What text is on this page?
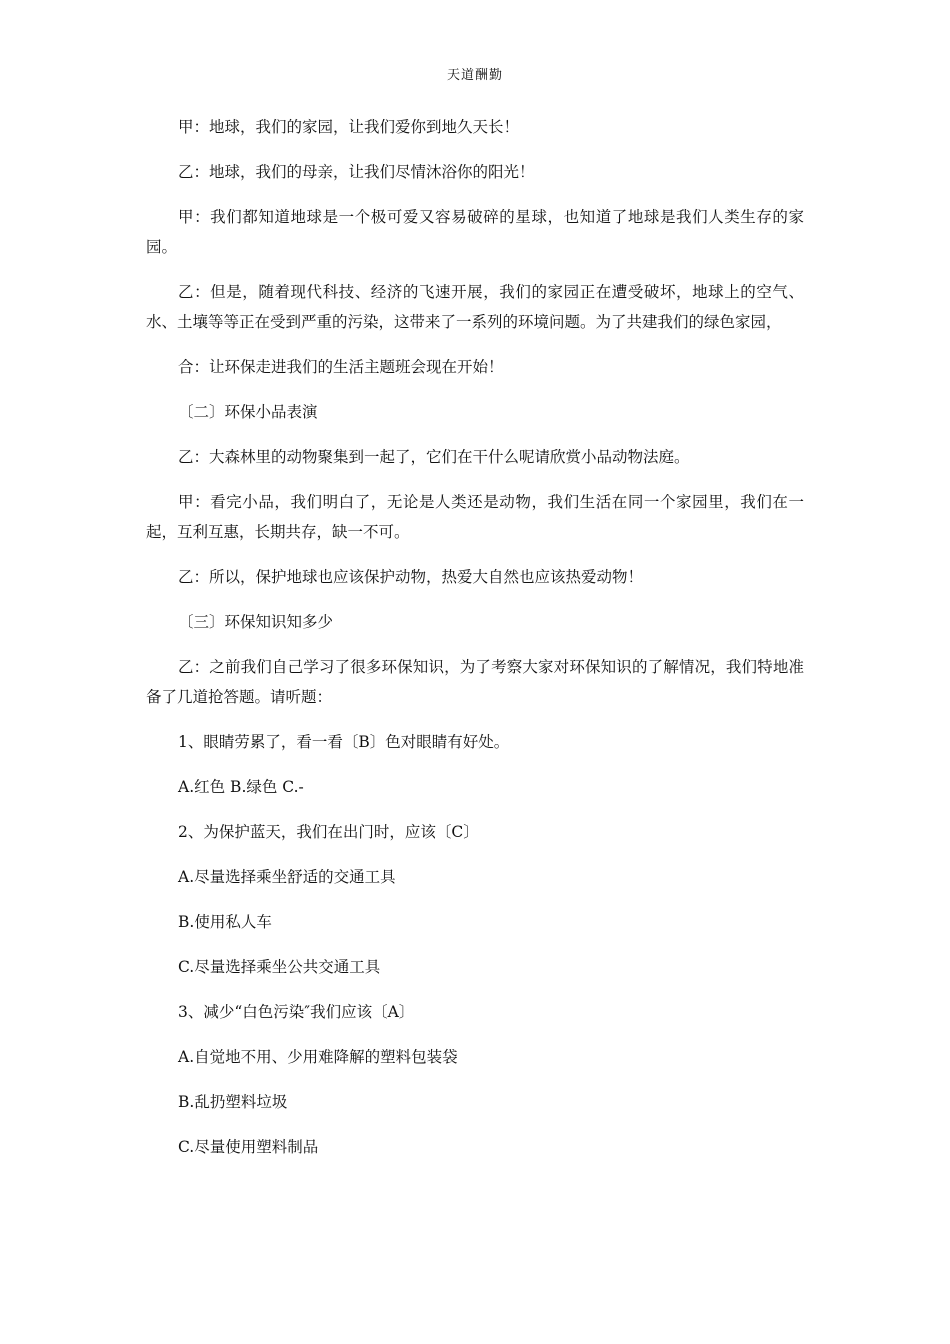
天道酬勤

甲：地球，我们的家园，让我们爱你到地久天长！

乙：地球，我们的母亲，让我们尽情沐浴你的阳光！

甲：我们都知道地球是一个极可爱又容易破碎的星球，也知道了地球是我们人类生存的家园。

乙：但是，随着现代科技、经济的飞速开展，我们的家园正在遭受破坏，地球上的空气、水、土壤等等正在受到严重的污染，这带来了一系列的环境问题。为了共建我们的绿色家园，

合：让环保走进我们的生活主题班会现在开始！

〔二〕环保小品表演

乙：大森林里的动物聚集到一起了，它们在干什么呢请欣赏小品动物法庭。

甲：看完小品，我们明白了，无论是人类还是动物，我们生活在同一个家园里，我们在一起，互利互惠，长期共存，缺一不可。

乙：所以，保护地球也应该保护动物，热爱大自然也应该热爱动物！

〔三〕环保知识知多少

乙：之前我们自己学习了很多环保知识，为了考察大家对环保知识的了解情况，我们特地准备了几道抢答题。请听题：

1、眼睛劳累了，看一看〔B〕色对眼睛有好处。

A.红色 B.绿色 C.-

2、为保护蓝天，我们在出门时，应该〔C〕

A.尽量选择乘坐舒适的交通工具

B.使用私人车

C.尽量选择乘坐公共交通工具

3、减少“白色污染″我们应该〔A〕

A.自觉地不用、少用难降解的塑料包装袋

B.乱扔塑料垃圾

C.尽量使用塑料制品
